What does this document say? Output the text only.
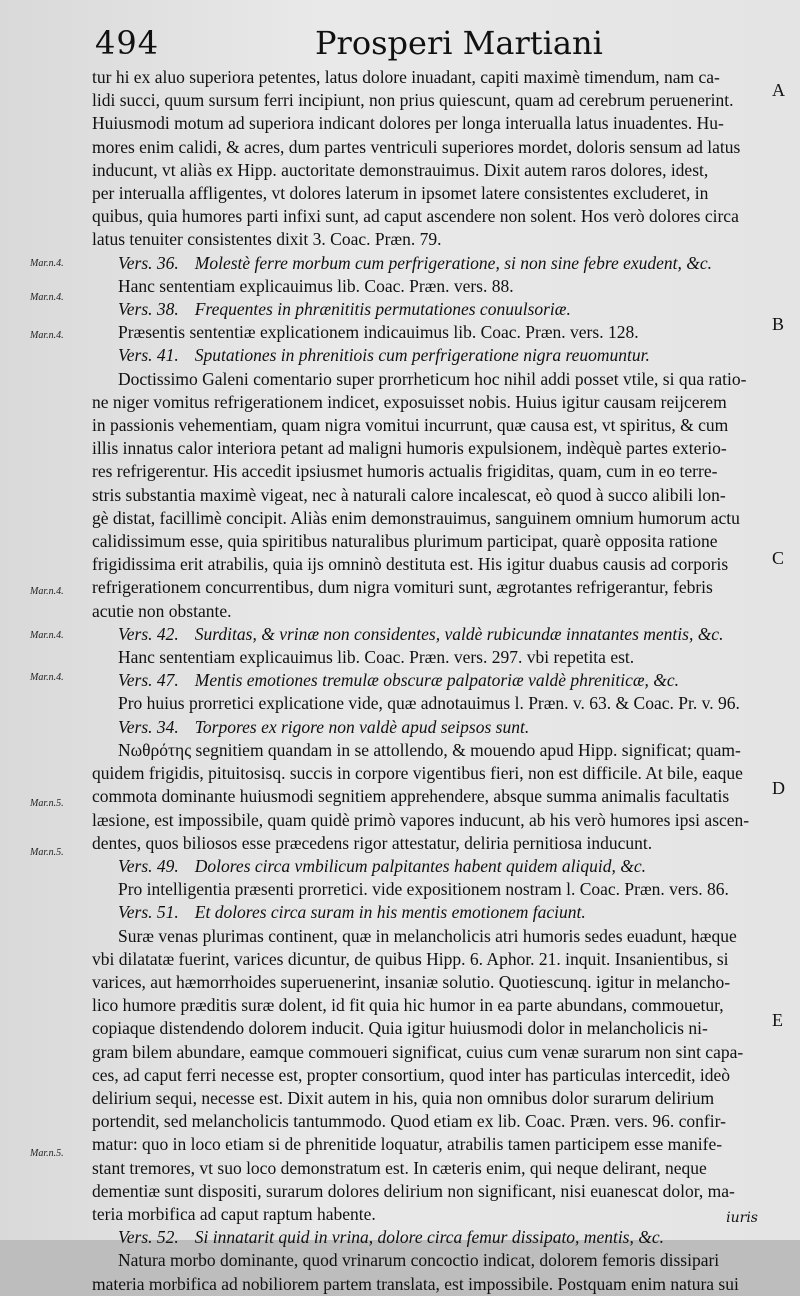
494	Prosperi Martiani
Mar.n.4.
Mar.n.4.
Mar.n.4.
Mar.n.4.
Mar.n.4.
Mar.n.4.
Mar.n.5.
Mar.n.5.
Mar.n.5.
A
B
C
D
E
tur hi ex aluo superiora petentes, latus dolore inuadant, capiti maximè timendum, nam ca-
lidi succi, quum sursum ferri incipiunt, non prius quiescunt, quam ad cerebrum peruenerint.
Huiusmodi motum ad superiora indicant dolores per longa interualla latus inuadentes. Hu-
mores enim calidi, & acres, dum partes ventriculi superiores mordet, doloris sensum ad latus
inducunt, vt aliàs ex Hipp. auctoritate demonstrauimus. Dixit autem raros dolores, idest,
per interualla affligentes, vt dolores laterum in ipsomet latere consistentes excluderet, in
quibus, quia humores parti infixi sunt, ad caput ascendere non solent. Hos verò dolores circa
latus tenuiter consistentes dixit 3. Coac. Præn. 79.
Vers. 36. Molestè ferre morbum cum perfrigeratione, si non sine febre exudent, &c.
Hanc sententiam explicauimus lib. Coac. Præn. vers. 88.
Vers. 38. Frequentes in phrænititis permutationes conuulsoriæ.
Præsentis sententiæ explicationem indicauimus lib. Coac. Præn. vers. 128.
Vers. 41. Sputationes in phrenitiois cum perfrigeratione nigra reuomuntur.
Doctissimo Galeni comentario super prorrheticum hoc nihil addi posset vtile, si qua ratio-
ne niger vomitus refrigerationem indicet, exposuisset nobis. Huius igitur causam reijcerem
in passionis vehementiam, quam nigra vomitui incurrunt, quæ causa est, vt spiritus, & cum
illis innatus calor interiora petant ad maligni humoris expulsionem, indèquè partes exterio-
res refrigerentur. His accedit ipsiusmet humoris actualis frigiditas, quam, cum in eo terre-
stris substantia maximè vigeat, nec à naturali calore incalescat, eò quod à succo alibili lon-
gè distat, facillimè concipit. Aliàs enim demonstrauimus, sanguinem omnium humorum actu
calidissimum esse, quia spiritibus naturalibus plurimum participat, quarè opposita ratione
frigidissima erit atrabilis, quia ijs omninò destituta est. His igitur duabus causis ad corporis
refrigerationem concurrentibus, dum nigra vomituri sunt, ægrotantes refrigerantur, febris
acutie non obstante.
Vers. 42. Surditas, & vrinæ non considentes, valdè rubicundæ innatantes mentis, &c.
Hanc sententiam explicauimus lib. Coac. Præn. vers. 297. vbi repetita est.
Vers. 47. Mentis emotiones tremulæ obscuræ palpatoriæ valdè phreniticæ, &c.
Pro huius prorretici explicatione vide, quæ adnotauimus l. Præn. v. 63. & Coac. Pr. v. 96.
Vers. 34. Torpores ex rigore non valdè apud seipsos sunt.
Νωθρότης segnitiem quandam in se attollendo, & mouendo apud Hipp. significat; quam-
quidem frigidis, pituitosisq. succis in corpore vigentibus fieri, non est difficile. At bile, eaque
commota dominante huiusmodi segnitiem apprehendere, absque summa animalis facultatis
læsione, est impossibile, quam quidè primò vapores inducunt, ab his verò humores ipsi ascen-
dentes, quos biliosos esse præcedens rigor attestatur, deliria pernitiosa inducunt.
Vers. 49. Dolores circa vmbilicum palpitantes habent quidem aliquid, &c.
Pro intelligentia præsenti prorretici. vide expositionem nostram l. Coac. Præn. vers. 86.
Vers. 51. Et dolores circa suram in his mentis emotionem faciunt.
Suræ venas plurimas continent, quæ in melancholicis atri humoris sedes euadunt, hæque
vbi dilatatæ fuerint, varices dicuntur, de quibus Hipp. 6. Aphor. 21. inquit. Insanientibus, si
varices, aut hæmorrhoides superuenerint, insaniæ solutio. Quotiescunq. igitur in melancho-
lico humore præditis suræ dolent, id fit quia hic humor in ea parte abundans, commouetur,
copiaque distendendo dolorem inducit. Quia igitur huiusmodi dolor in melancholicis ni-
gram bilem abundare, eamque commoueri significat, cuius cum venæ surarum non sint capa-
ces, ad caput ferri necesse est, propter consortium, quod inter has particulas intercedit, ideò
delirium sequi, necesse est. Dixit autem in his, quia non omnibus dolor surarum delirium
portendit, sed melancholicis tantummodo. Quod etiam ex lib. Coac. Præn. vers. 96. confir-
matur: quo in loco etiam si de phrenitide loquatur, atrabilis tamen participem esse manife-
stant tremores, vt suo loco demonstratum est. In cæteris enim, qui neque delirant, neque
dementiæ sunt dispositi, surarum dolores delirium non significant, nisi euanescat dolor, ma-
teria morbifica ad caput raptum habente.
Vers. 52. Si innatarit quid in vrina, dolore circa femur dissipato, mentis, &c.
Natura morbo dominante, quod vrinarum concoctio indicat, dolorem femoris dissipari
materia morbifica ad nobiliorem partem translata, est impossibile. Postquam enim natura sui
iuris
